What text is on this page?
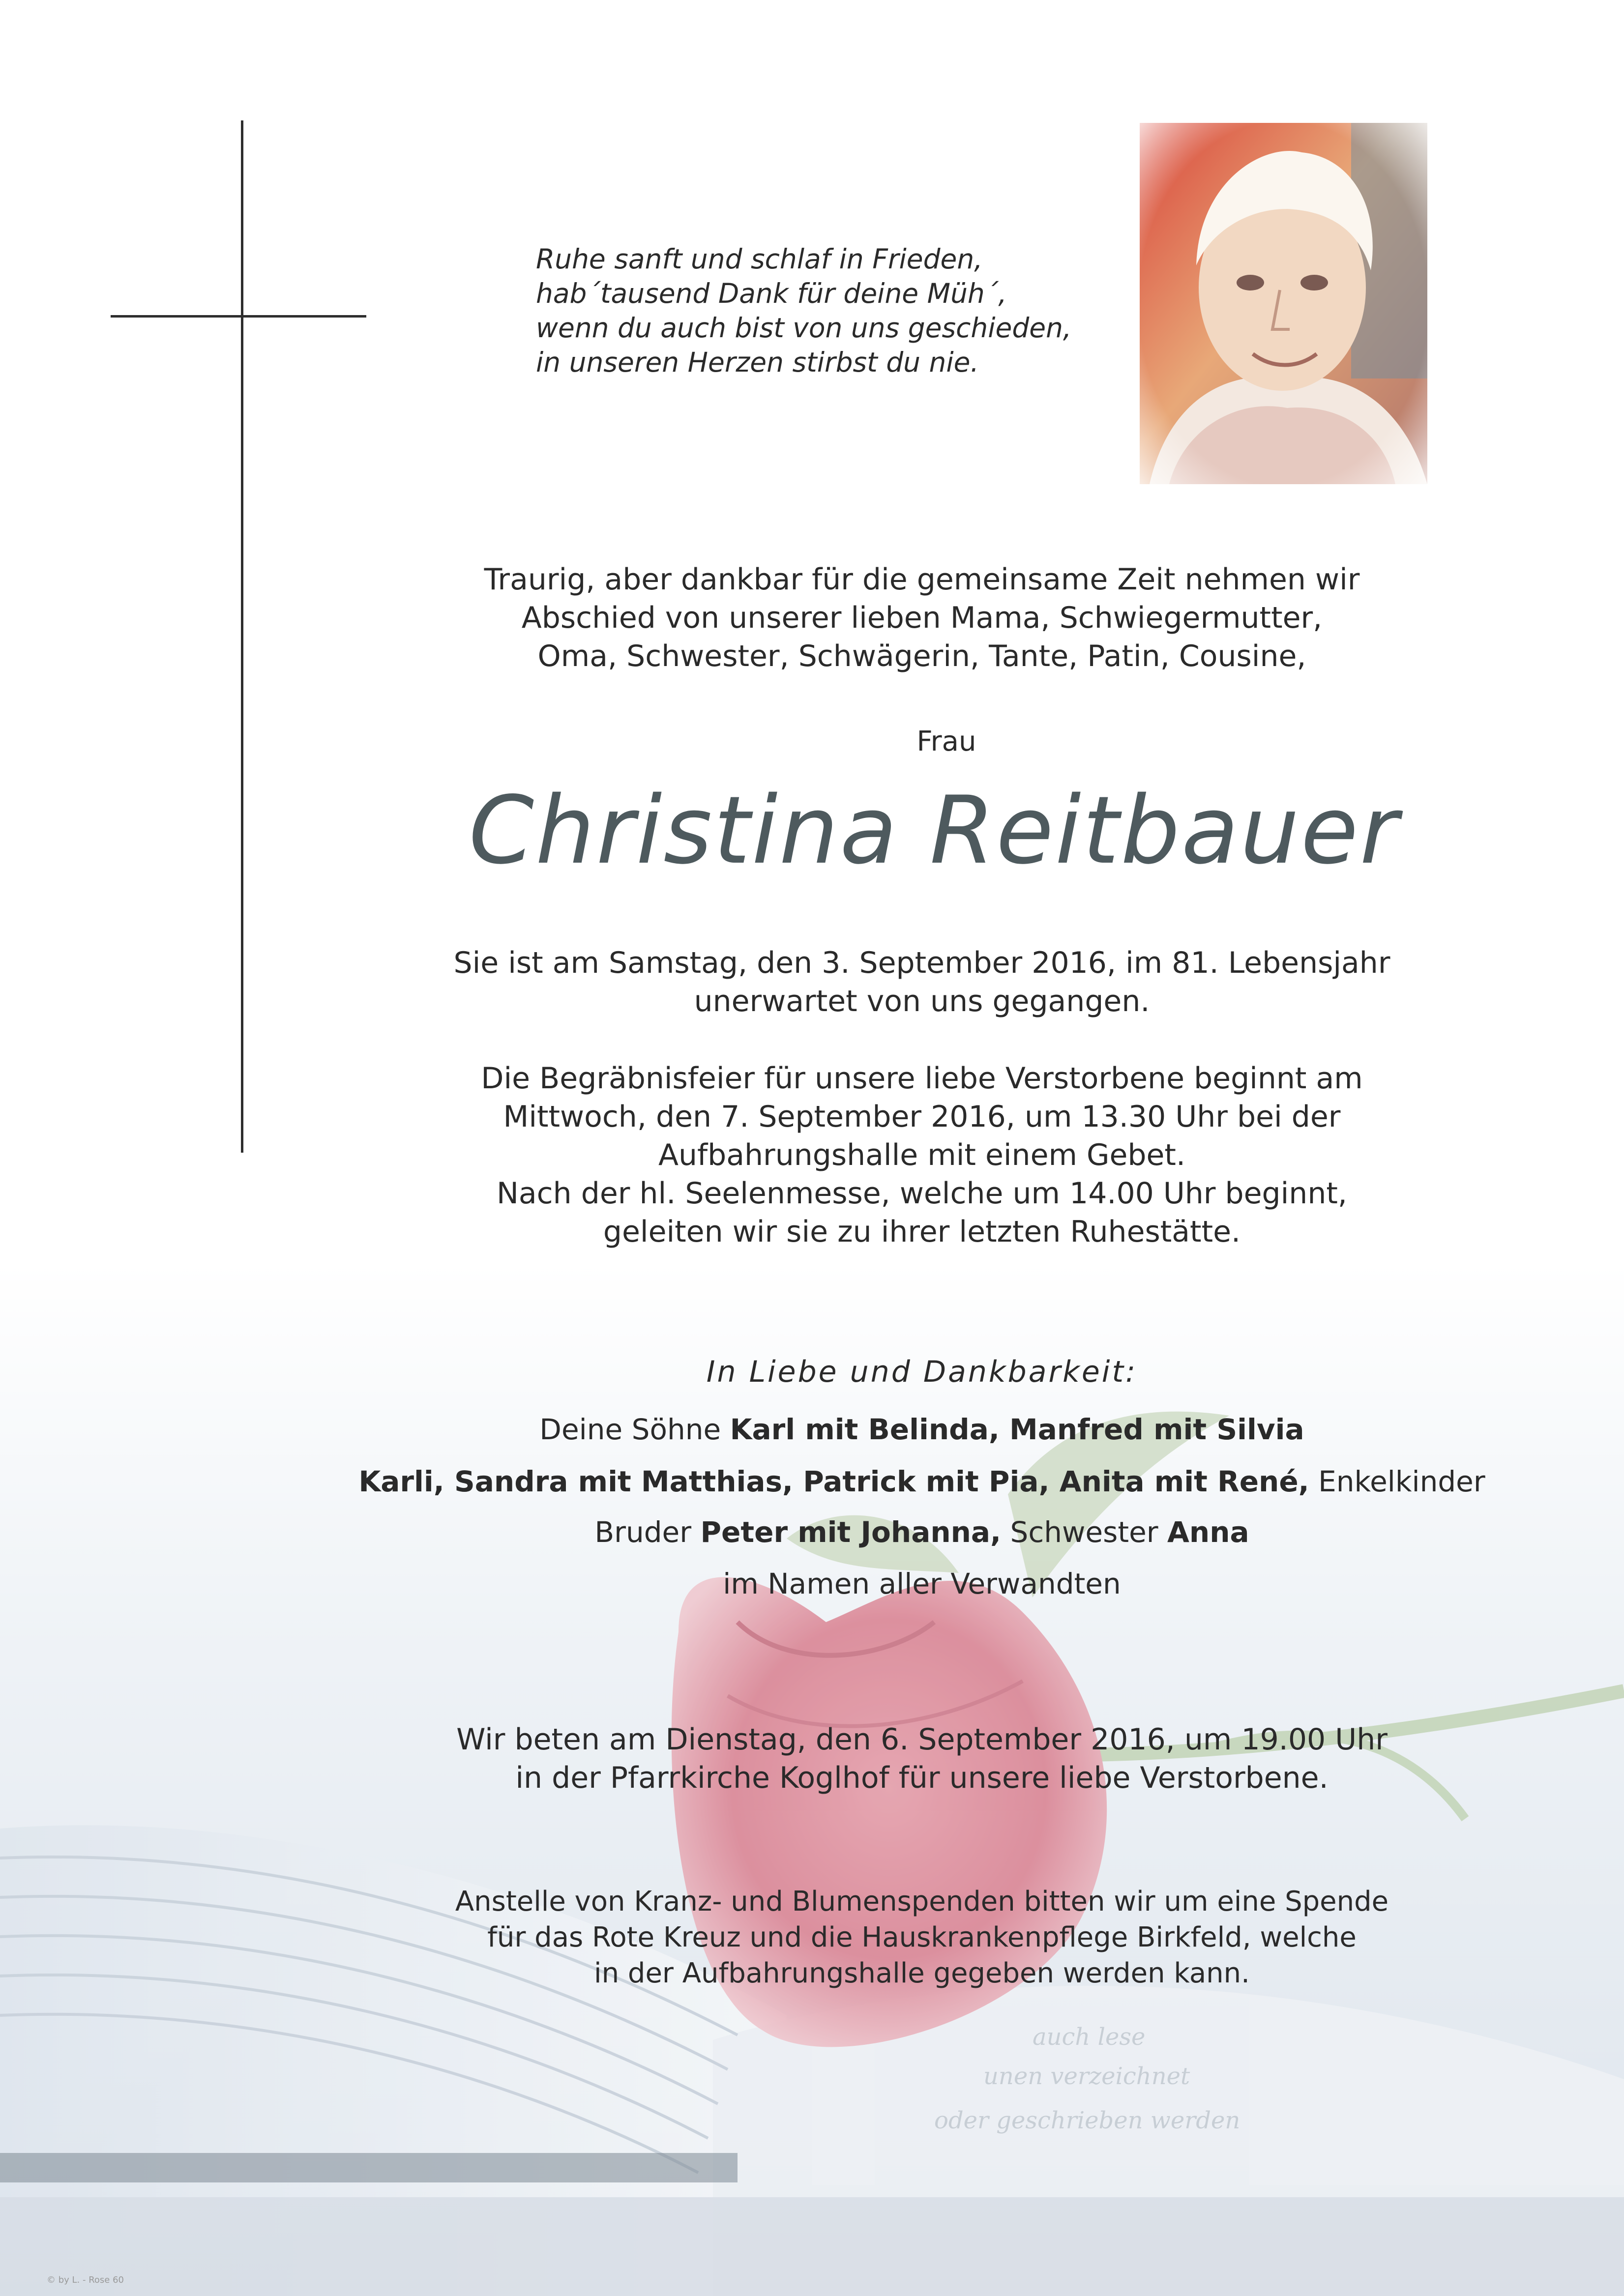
auch lese
unen verzeichnet
oder geschrieben werden
Ruhe sanft und schlaf in Frieden,
hab´tausend Dank für deine Müh´,
wenn du auch bist von uns geschieden,
in unseren Herzen stirbst du nie.
Traurig, aber dankbar für die gemeinsame Zeit nehmen wir
Abschied von unserer lieben Mama, Schwiegermutter,
Oma, Schwester, Schwägerin, Tante, Patin, Cousine,
Frau
Christina Reitbauer
Sie ist am Samstag, den 3. September 2016, im 81. Lebensjahr
unerwartet von uns gegangen.
Die Begräbnisfeier für unsere liebe Verstorbene beginnt am
Mittwoch, den 7. September 2016, um 13.30 Uhr bei der
Aufbahrungshalle mit einem Gebet.
Nach der hl. Seelenmesse, welche um 14.00 Uhr beginnt,
geleiten wir sie zu ihrer letzten Ruhestätte.
In Liebe und Dankbarkeit:
Deine Söhne Karl mit Belinda, Manfred mit Silvia
Karli, Sandra mit Matthias, Patrick mit Pia, Anita mit René, Enkelkinder
Bruder Peter mit Johanna, Schwester Anna
im Namen aller Verwandten
Wir beten am Dienstag, den 6. September 2016, um 19.00 Uhr
in der Pfarrkirche Koglhof für unsere liebe Verstorbene.
Anstelle von Kranz- und Blumenspenden bitten wir um eine Spende
für das Rote Kreuz und die Hauskrankenpflege Birkfeld, welche
in der Aufbahrungshalle gegeben werden kann.
© by L. - Rose 60
